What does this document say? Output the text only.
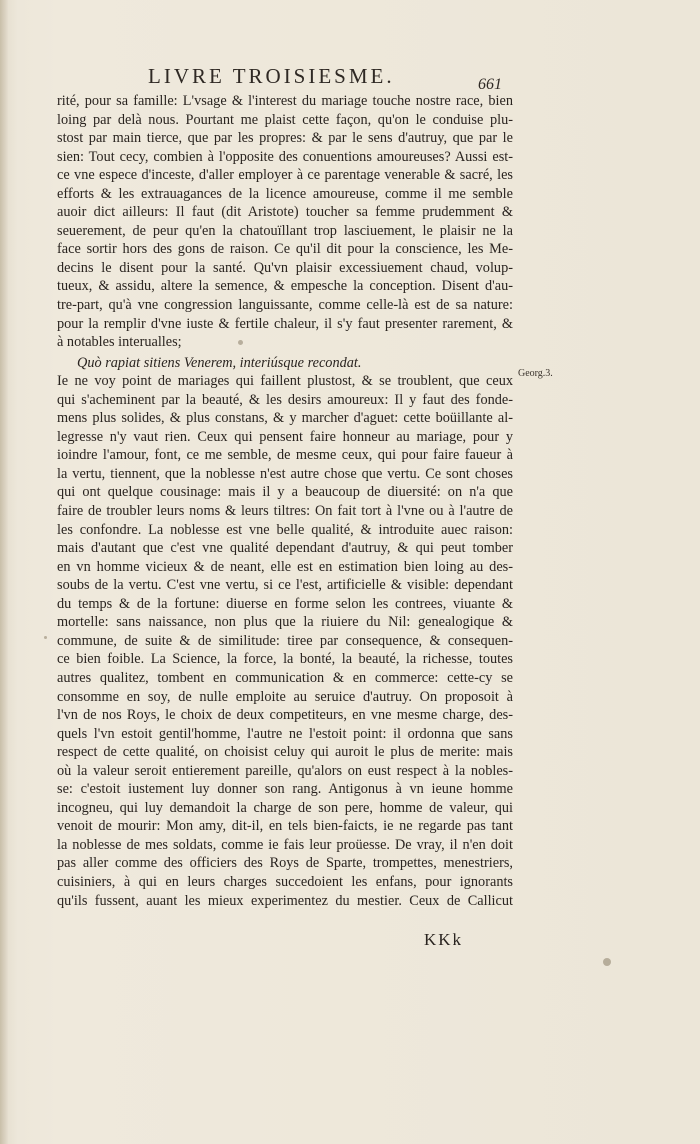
LIVRE TROISIESME.	661
rité, pour sa famille: L'vsage & l'interest du mariage touche nostre race, bien
loing par delà nous. Pourtant me plaist cette façon, qu'on le conduise plu-
stost par main tierce, que par les propres: & par le sens d'autruy, que par le
sien: Tout cecy, combien à l'opposite des conuentions amoureuses? Aussi est-
ce vne espece d'inceste, d'aller employer à ce parentage venerable & sacré, les
efforts & les extrauagances de la licence amoureuse, comme il me semble
auoir dict ailleurs: Il faut (dit Aristote) toucher sa femme prudemment &
seuerement, de peur qu'en la chatouïllant trop lasciuement, le plaisir ne la
face sortir hors des gons de raison. Ce qu'il dit pour la conscience, les Me-
decins le disent pour la santé. Qu'vn plaisir excessiuement chaud, volup-
tueux, & assidu, altere la semence, & empesche la conception. Disent d'au-
tre-part, qu'à vne congression languissante, comme celle-là est de sa nature:
pour la remplir d'vne iuste & fertile chaleur, il s'y faut presenter rarement, &
à notables interualles;
Quò rapiat sitiens Venerem, interiúsque recondat.
Ie ne voy point de mariages qui faillent plustost, & se troublent, que ceux
qui s'acheminent par la beauté, & les desirs amoureux: Il y faut des fonde-
mens plus solides, & plus constans, & y marcher d'aguet: cette boüillante al-
legresse n'y vaut rien. Ceux qui pensent faire honneur au mariage, pour y
ioindre l'amour, font, ce me semble, de mesme ceux, qui pour faire faueur à
la vertu, tiennent, que la noblesse n'est autre chose que vertu. Ce sont choses
qui ont quelque cousinage: mais il y a beaucoup de diuersité: on n'a que
faire de troubler leurs noms & leurs tiltres: On fait tort à l'vne ou à l'autre de
les confondre. La noblesse est vne belle qualité, & introduite auec raison:
mais d'autant que c'est vne qualité dependant d'autruy, & qui peut tomber
en vn homme vicieux & de neant, elle est en estimation bien loing au des-
soubs de la vertu. C'est vne vertu, si ce l'est, artificielle & visible: dependant
du temps & de la fortune: diuerse en forme selon les contrees, viuante &
mortelle: sans naissance, non plus que la riuiere du Nil: genealogique &
commune, de suite & de similitude: tiree par consequence, & consequen-
ce bien foible. La Science, la force, la bonté, la beauté, la richesse, toutes
autres qualitez, tombent en communication & en commerce: cette-cy se
consomme en soy, de nulle emploite au seruice d'autruy. On proposoit à
l'vn de nos Roys, le choix de deux competiteurs, en vne mesme charge, des-
quels l'vn estoit gentil'homme, l'autre ne l'estoit point: il ordonna que sans
respect de cette qualité, on choisist celuy qui auroit le plus de merite: mais
où la valeur seroit entierement pareille, qu'alors on eust respect à la nobles-
se: c'estoit iustement luy donner son rang. Antigonus à vn ieune homme
incogneu, qui luy demandoit la charge de son pere, homme de valeur, qui
venoit de mourir: Mon amy, dit-il, en tels bien-faicts, ie ne regarde pas tant
la noblesse de mes soldats, comme ie fais leur proüesse. De vray, il n'en doit
pas aller comme des officiers des Roys de Sparte, trompettes, menestriers,
cuisiniers, à qui en leurs charges succedoient les enfans, pour ignorants
qu'ils fussent, auant les mieux experimentez du mestier. Ceux de Callicut
Georg.3.
KKk
